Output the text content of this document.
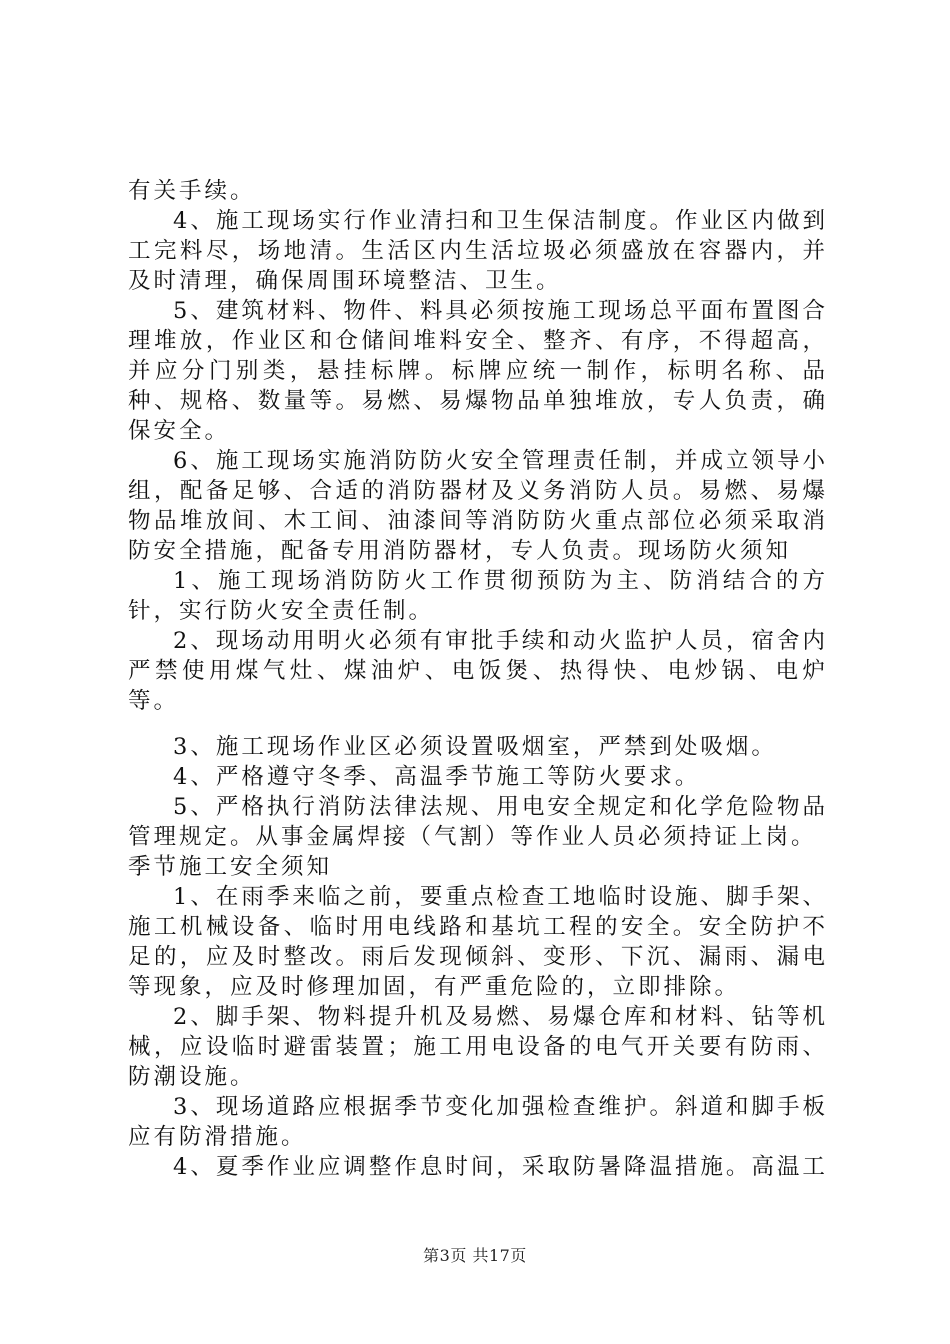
有关手续。

4、施工现场实行作业清扫和卫生保洁制度。作业区内做到工完料尽，场地清。生活区内生活垃圾必须盛放在容器内，并及时清理，确保周围环境整洁、卫生。

5、建筑材料、物件、料具必须按施工现场总平面布置图合理堆放，作业区和仓储间堆料安全、整齐、有序，不得超高，并应分门别类，悬挂标牌。标牌应统一制作，标明名称、品种、规格、数量等。易燃、易爆物品单独堆放，专人负责，确保安全。

6、施工现场实施消防防火安全管理责任制，并成立领导小组，配备足够、合适的消防器材及义务消防人员。易燃、易爆物品堆放间、木工间、油漆间等消防防火重点部位必须采取消防安全措施，配备专用消防器材，专人负责。现场防火须知

1、施工现场消防防火工作贯彻预防为主、防消结合的方针，实行防火安全责任制。

2、现场动用明火必须有审批手续和动火监护人员，宿舍内严禁使用煤气灶、煤油炉、电饭煲、热得快、电炒锅、电炉等。

3、施工现场作业区必须设置吸烟室，严禁到处吸烟。

4、严格遵守冬季、高温季节施工等防火要求。

5、严格执行消防法律法规、用电安全规定和化学危险物品管理规定。从事金属焊接（气割）等作业人员必须持证上岗。

季节施工安全须知

1、在雨季来临之前，要重点检查工地临时设施、脚手架、施工机械设备、临时用电线路和基坑工程的安全。安全防护不足的，应及时整改。雨后发现倾斜、变形、下沉、漏雨、漏电等现象，应及时修理加固，有严重危险的，立即排除。

2、脚手架、物料提升机及易燃、易爆仓库和材料、钻等机械，应设临时避雷装置；施工用电设备的电气开关要有防雨、防潮设施。

3、现场道路应根据季节变化加强检查维护。斜道和脚手板应有防滑措施。

4、夏季作业应调整作息时间，采取防暑降温措施。高温工

第3页 共17页
